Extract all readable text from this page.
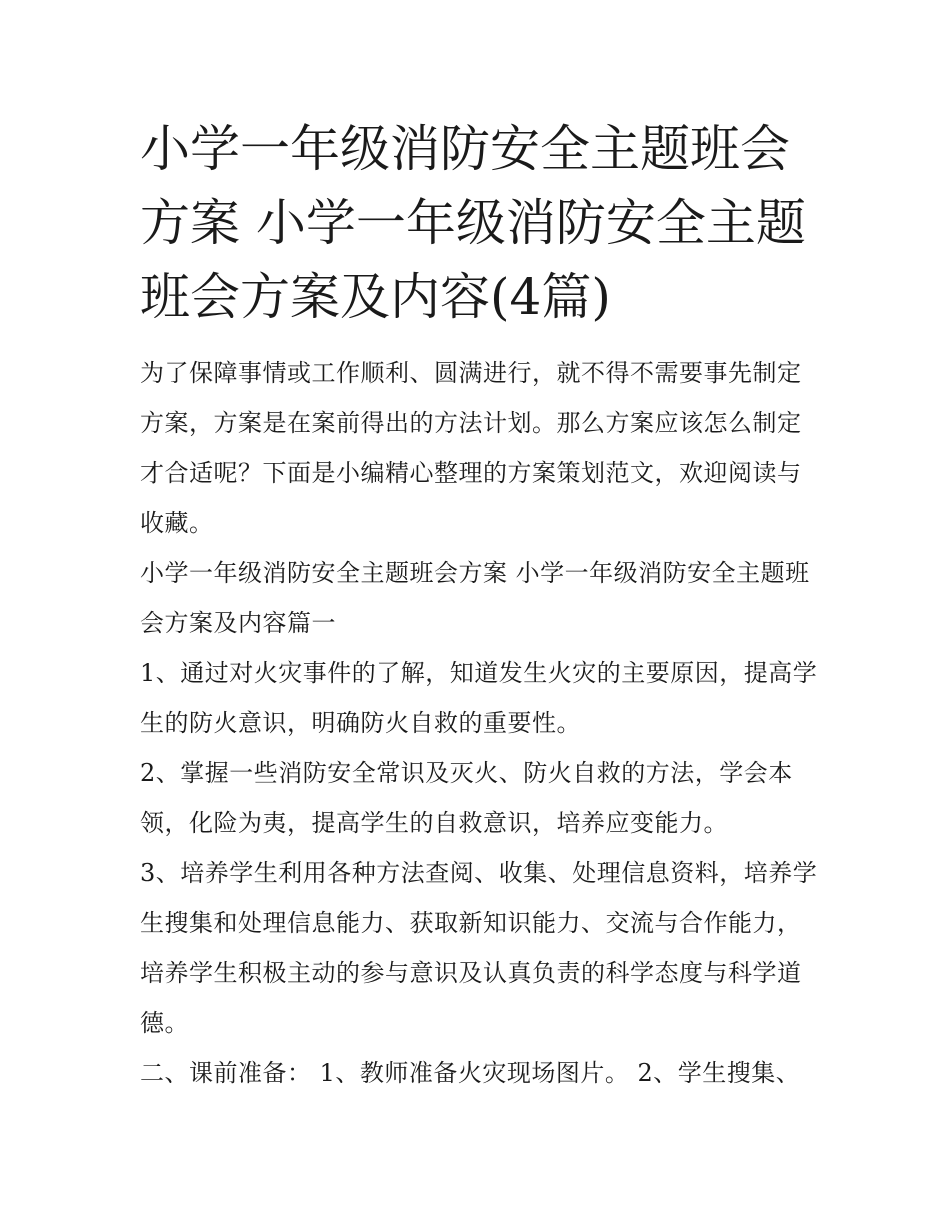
小学一年级消防安全主题班会方案 小学一年级消防安全主题班会方案及内容(4篇)

为了保障事情或工作顺利、圆满进行，就不得不需要事先制定方案，方案是在案前得出的方法计划。那么方案应该怎么制定才合适呢？下面是小编精心整理的方案策划范文，欢迎阅读与收藏。

小学一年级消防安全主题班会方案 小学一年级消防安全主题班会方案及内容篇一

1、通过对火灾事件的了解，知道发生火灾的主要原因，提高学生的防火意识，明确防火自救的重要性。

2、掌握一些消防安全常识及灭火、防火自救的方法，学会本领，化险为夷，提高学生的自救意识，培养应变能力。

3、培养学生利用各种方法查阅、收集、处理信息资料，培养学生搜集和处理信息能力、获取新知识能力、交流与合作能力，培养学生积极主动的参与意识及认真负责的科学态度与科学道德。

二、课前准备： 1、教师准备火灾现场图片。 2、学生搜集、
